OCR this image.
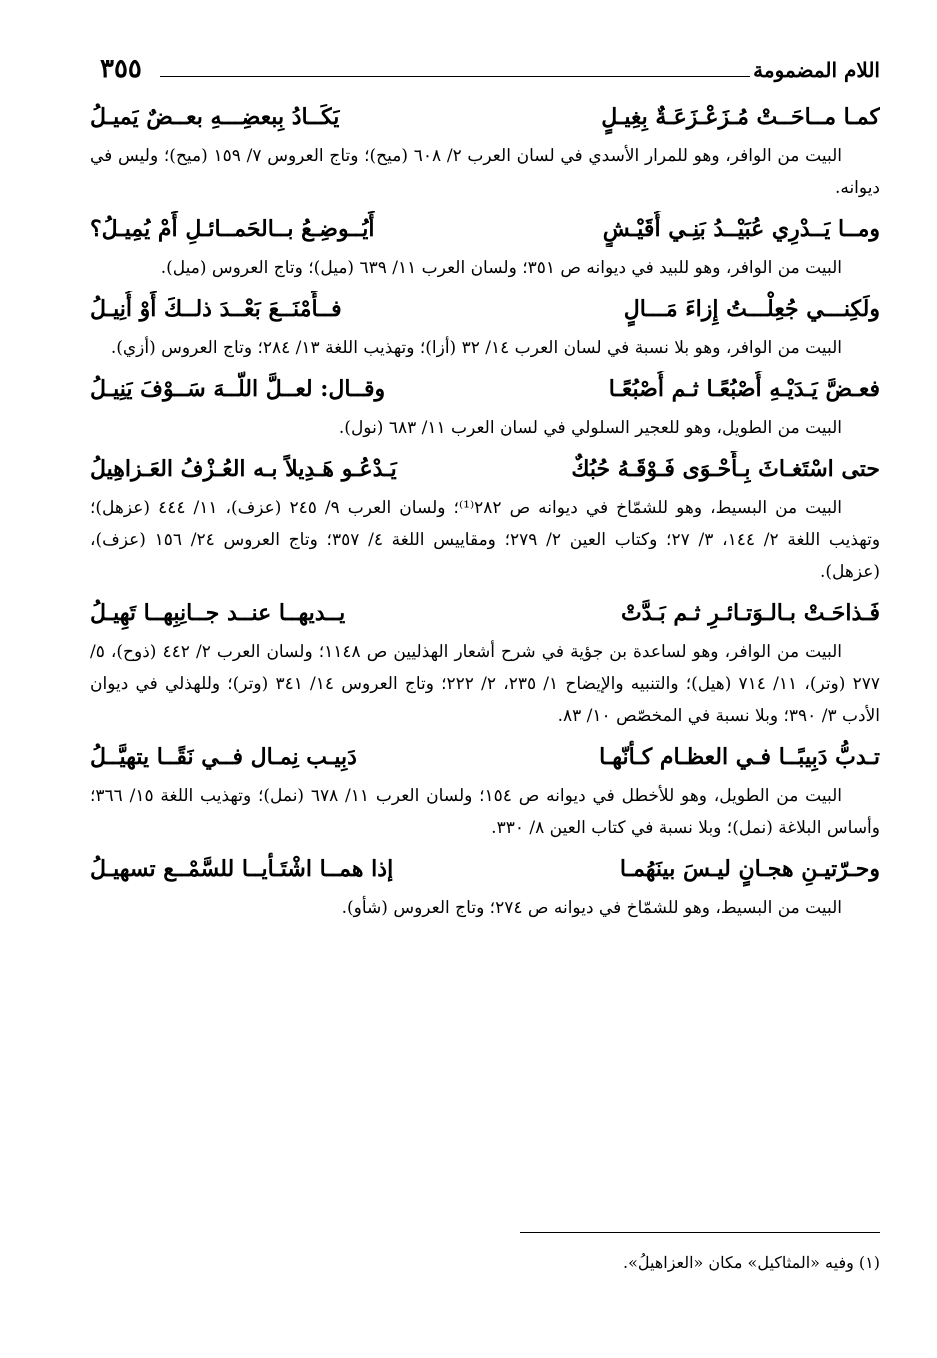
اللام المضمومة
٣٥٥
كمـا مــاحَــتْ مُـزَعْـزَعَـةٌ بِغِيـلٍ
يَكَــادُ بِبعضِـــهِ بعــضٌ يَميـلُ

البيت من الوافر، وهو للمرار الأسدي في لسان العرب ٢/ ٦٠٨ (ميح)؛ وتاج العروس ٧/ ١٥٩ (ميح)؛ وليس في ديوانه.

ومــا يَــدْرِي عُبَيْــدُ بَنِـي أُقَيْـشٍ
أَيُــوضِـعُ بــالحَمــائـلِ أَمْ يُمِيـلُ؟

البيت من الوافر، وهو للبيد في ديوانه ص ٣٥١؛ ولسان العرب ١١/ ٦٣٩ (ميل)؛ وتاج العروس (ميل).

ولَكِنـــي جُعِلْـــتُ إِزاءَ مَـــالٍ
فــأَمْنَــعَ بَعْــدَ ذلــكَ أَوْ أُنِيـلُ

البيت من الوافر، وهو بلا نسبة في لسان العرب ١٤/ ٣٢ (أزا)؛ وتهذيب اللغة ١٣/ ٢٨٤؛ وتاج العروس (أزي).

فعـضَّ يَـدَيْـهِ أُصْبُعًـا ثـم أُصْبُعًـا
وقــال: لعــلَّ اللّــهَ سَــوْفَ يَنِيـلُ

البيت من الطويل، وهو للعجير السلولي في لسان العرب ١١/ ٦٨٣ (نول).

حتى اسْتَغـاثَ بِـأَحْـوَى فَـوْقَـهُ حُبُكٌ
يَـدْعُـو هَـدِيلاً بـه العُـزْفُ العَـزاهِيلُ

البيت من البسيط، وهو للشمّاخ في ديوانه ص ٢٨٢⁽¹⁾؛ ولسان العرب ٩/ ٢٤٥ (عزف)، ١١/ ٤٤٤ (عزهل)؛ وتهذيب اللغة ٢/ ١٤٤، ٣/ ٢٧؛ وكتاب العين ٢/ ٢٧٩؛ ومقاييس اللغة ٤/ ٣٥٧؛ وتاج العروس ٢٤/ ١٥٦ (عزف)، (عزهل).

فَـذاحَـتْ بـالـوَتـائـرِ ثـم بَـدَّتْ
يــديهــا عنــد جــانِبِهــا تَهِيـلُ

البيت من الوافر، وهو لساعدة بن جؤية في شرح أشعار الهذليين ص ١١٤٨؛ ولسان العرب ٢/ ٤٤٢ (ذوح)، ٥/ ٢٧٧ (وتر)، ١١/ ٧١٤ (هيل)؛ والتنبيه والإيضاح ١/ ٢٣٥، ٢/ ٢٢٢؛ وتاج العروس ١٤/ ٣٤١ (وتر)؛ وللهذلي في ديوان الأدب ٣/ ٣٩٠؛ وبلا نسبة في المخصّص ١٠/ ٨٣.

تـدبُّ دَبِيبًــا فـي العظـام كـأنّهـا
دَبِيـب نِمـال فــي نَقًــا يتهيَّــلُ

البيت من الطويل، وهو للأخطل في ديوانه ص ١٥٤؛ ولسان العرب ١١/ ٦٧٨ (نمل)؛ وتهذيب اللغة ١٥/ ٣٦٦؛ وأساس البلاغة (نمل)؛ وبلا نسبة في كتاب العين ٨/ ٣٣٠.

وحـرّتيـنِ هجـانٍ ليـسَ بينَهُمـا
إذا همــا اشْتَـأيــا للسَّمْــع تسهيـلُ

البيت من البسيط، وهو للشمّاخ في ديوانه ص ٢٧٤؛ وتاج العروس (شأو).

(١) وفيه «المثاكيل» مكان «العزاهيلُ».
